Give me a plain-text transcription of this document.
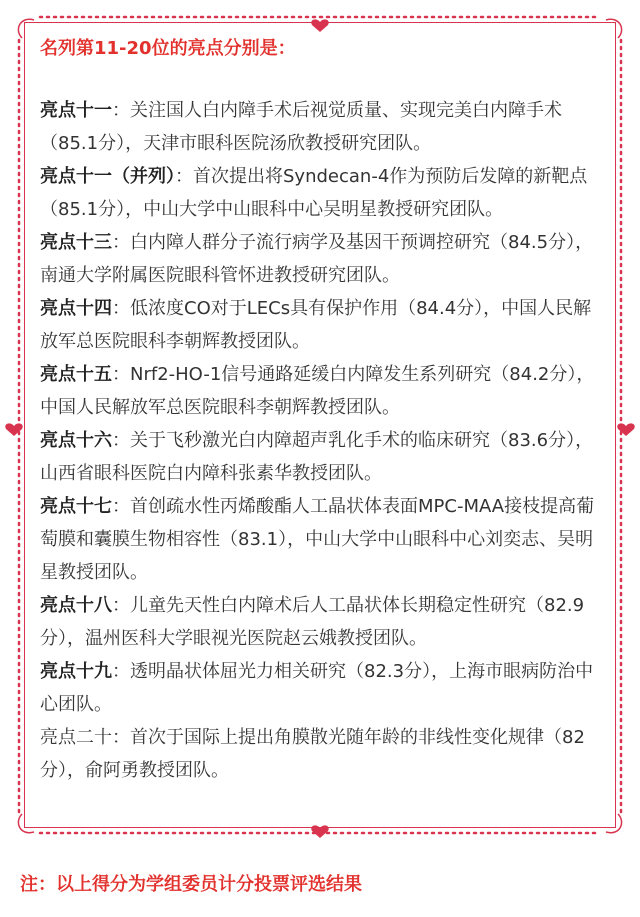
名列第11-20位的亮点分别是：

亮点十一：关注国人白内障手术后视觉质量、实现完美白内障手术（85.1分），天津市眼科医院汤欣教授研究团队。

亮点十一（并列）：首次提出将Syndecan-4作为预防后发障的新靶点（85.1分），中山大学中山眼科中心吴明星教授研究团队。

亮点十三：白内障人群分子流行病学及基因干预调控研究（84.5分），南通大学附属医院眼科管怀进教授研究团队。

亮点十四：低浓度CO对于LECs具有保护作用（84.4分），中国人民解放军总医院眼科李朝辉教授团队。

亮点十五：Nrf2-HO-1信号通路延缓白内障发生系列研究（84.2分），中国人民解放军总医院眼科李朝辉教授团队。

亮点十六：关于飞秒激光白内障超声乳化手术的临床研究（83.6分），山西省眼科医院白内障科张素华教授团队。

亮点十七：首创疏水性丙烯酸酯人工晶状体表面MPC-MAA接枝提高葡萄膜和囊膜生物相容性（83.1），中山大学中山眼科中心刘奕志、吴明星教授团队。

亮点十八：儿童先天性白内障术后人工晶状体长期稳定性研究（82.9分），温州医科大学眼视光医院赵云娥教授团队。

亮点十九：透明晶状体屈光力相关研究（82.3分），上海市眼病防治中心团队。

亮点二十：首次于国际上提出角膜散光随年龄的非线性变化规律（82分），俞阿勇教授团队。

注：以上得分为学组委员计分投票评选结果
